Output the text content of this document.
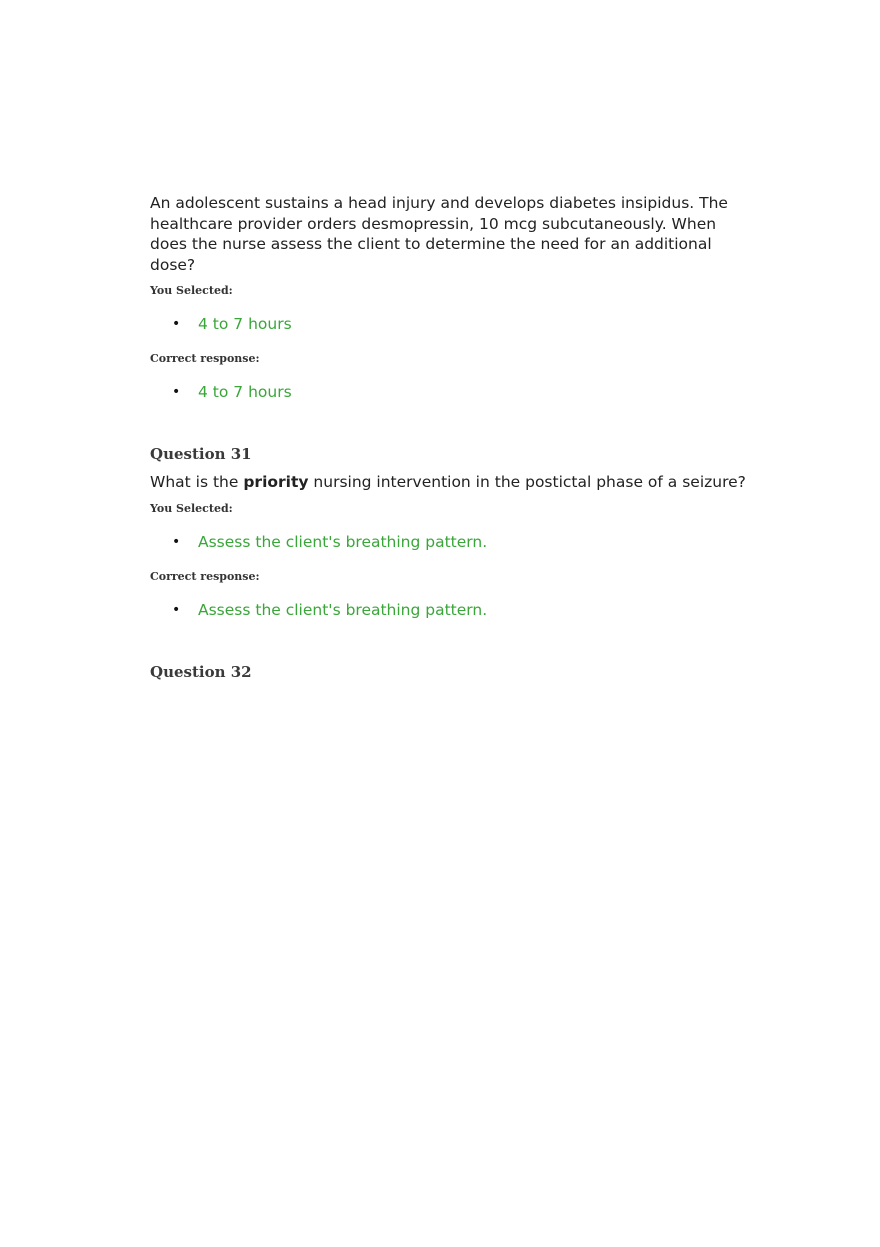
An adolescent sustains a head injury and develops diabetes insipidus. The healthcare provider orders desmopressin, 10 mcg subcutaneously. When does the nurse assess the client to determine the need for an additional dose?

You Selected:

• 4 to 7 hours

Correct response:

• 4 to 7 hours

Question 31

What is the priority nursing intervention in the postictal phase of a seizure?

You Selected:

• Assess the client's breathing pattern.

Correct response:

• Assess the client's breathing pattern.

Question 32
